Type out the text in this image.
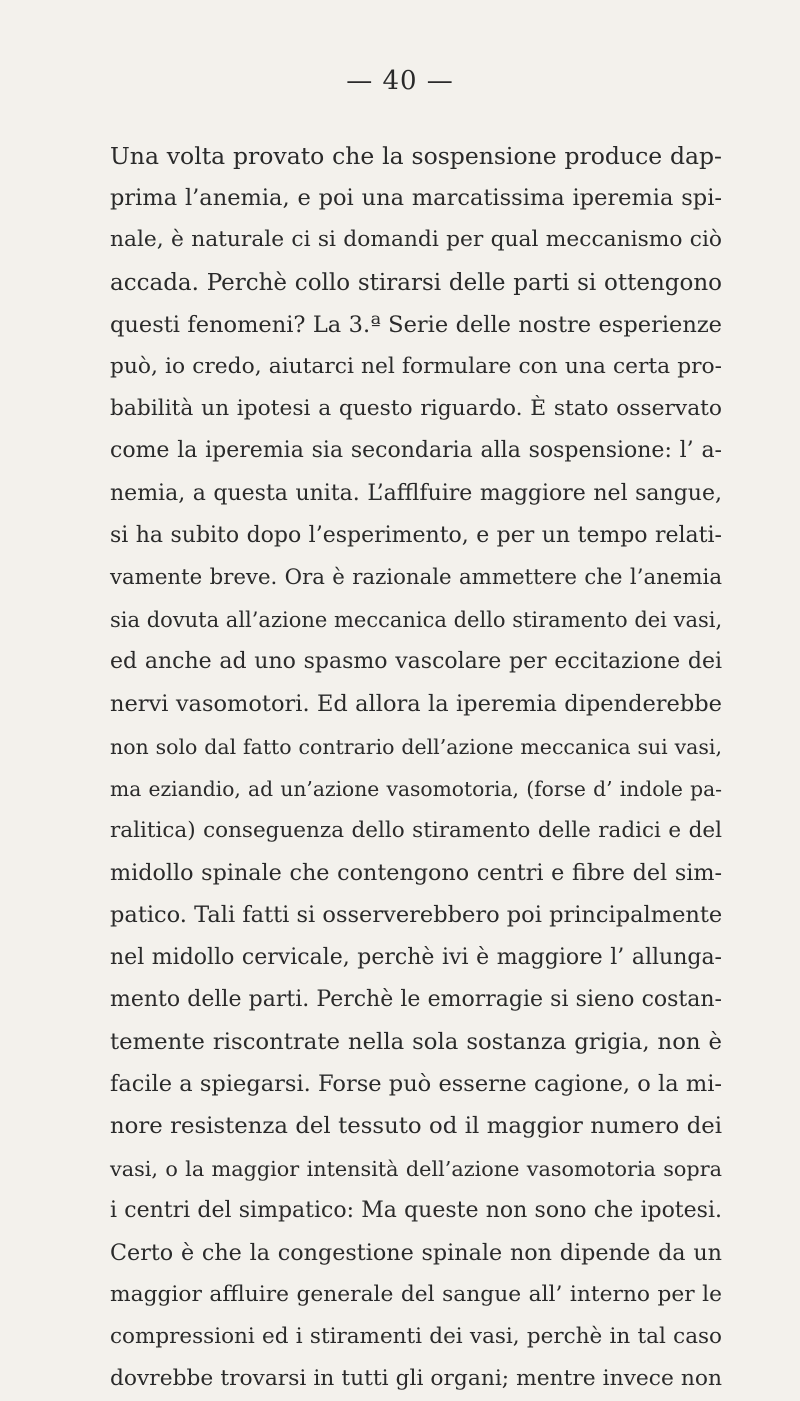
— 40 —
Una volta provato che la sospensione produce dap-
prima l’anemia, e poi una marcatissima iperemia spi-
nale, è naturale ci si domandi per qual meccanismo ciò
accada. Perchè collo stirarsi delle parti si ottengono
questi fenomeni? La 3.ª Serie delle nostre esperienze
può, io credo, aiutarci nel formulare con una certa pro-
babilità un ipotesi a questo riguardo. È stato osservato
come la iperemia sia secondaria alla sospensione: l’ a-
nemia, a questa unita. L’afflfuire maggiore nel sangue,
si ha subito dopo l’esperimento, e per un tempo relati-
vamente breve. Ora è razionale ammettere che l’anemia
sia dovuta all’azione meccanica dello stiramento dei vasi,
ed anche ad uno spasmo vascolare per eccitazione dei
nervi vasomotori. Ed allora la iperemia dipenderebbe
non solo dal fatto contrario dell’azione meccanica sui vasi,
ma eziandio, ad un’azione vasomotoria, (forse d’ indole pa-
ralitica) conseguenza dello stiramento delle radici e del
midollo spinale che contengono centri e fibre del sim-
patico. Tali fatti si osserverebbero poi principalmente
nel midollo cervicale, perchè ivi è maggiore l’ allunga-
mento delle parti. Perchè le emorragie si sieno costan-
temente riscontrate nella sola sostanza grigia, non è
facile a spiegarsi. Forse può esserne cagione, o la mi-
nore resistenza del tessuto od il maggior numero dei
vasi, o la maggior intensità dell’azione vasomotoria sopra
i centri del simpatico: Ma queste non sono che ipotesi.
Certo è che la congestione spinale non dipende da un
maggior affluire generale del sangue all’ interno per le
compressioni ed i stiramenti dei vasi, perchè in tal caso
dovrebbe trovarsi in tutti gli organi; mentre invece non
